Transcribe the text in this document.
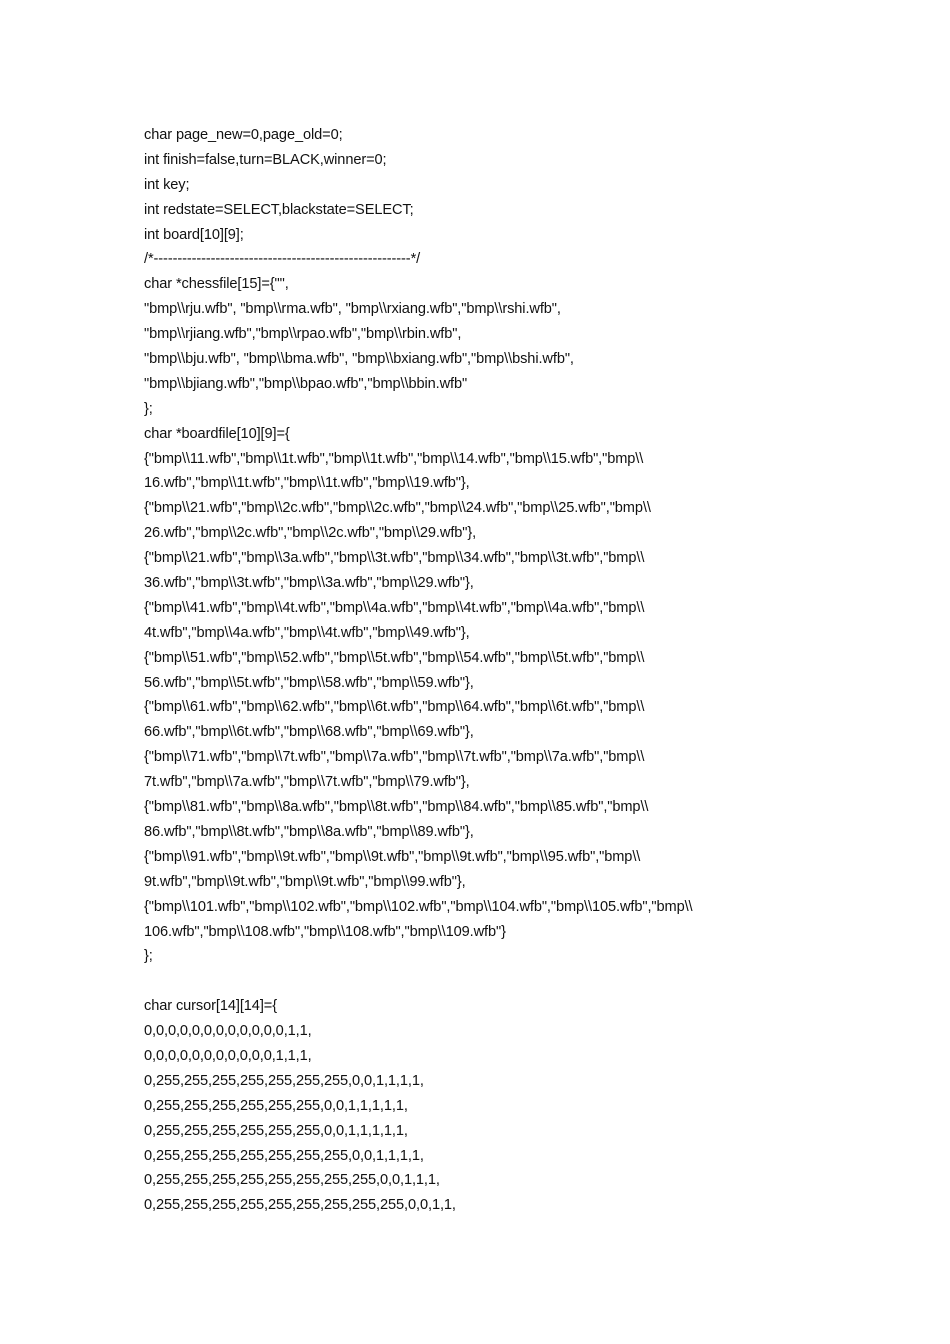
char page_new=0,page_old=0;
int finish=false,turn=BLACK,winner=0;
int key;
int redstate=SELECT,blackstate=SELECT;
int board[10][9];
/*------------------------------------------------------*/
char *chessfile[15]={"",
"bmp\\rju.wfb", "bmp\\rma.wfb", "bmp\\rxiang.wfb","bmp\\rshi.wfb",
"bmp\\rjiang.wfb","bmp\\rpao.wfb","bmp\\rbin.wfb",
"bmp\\bju.wfb", "bmp\\bma.wfb", "bmp\\bxiang.wfb","bmp\\bshi.wfb",
"bmp\\bjiang.wfb","bmp\\bpao.wfb","bmp\\bbin.wfb"
};
char *boardfile[10][9]={
{"bmp\\11.wfb","bmp\\1t.wfb","bmp\\1t.wfb","bmp\\14.wfb","bmp\\15.wfb","bmp\\
16.wfb","bmp\\1t.wfb","bmp\\1t.wfb","bmp\\19.wfb"},
{"bmp\\21.wfb","bmp\\2c.wfb","bmp\\2c.wfb","bmp\\24.wfb","bmp\\25.wfb","bmp\\
26.wfb","bmp\\2c.wfb","bmp\\2c.wfb","bmp\\29.wfb"},
{"bmp\\21.wfb","bmp\\3a.wfb","bmp\\3t.wfb","bmp\\34.wfb","bmp\\3t.wfb","bmp\\
36.wfb","bmp\\3t.wfb","bmp\\3a.wfb","bmp\\29.wfb"},
{"bmp\\41.wfb","bmp\\4t.wfb","bmp\\4a.wfb","bmp\\4t.wfb","bmp\\4a.wfb","bmp\\
4t.wfb","bmp\\4a.wfb","bmp\\4t.wfb","bmp\\49.wfb"},
{"bmp\\51.wfb","bmp\\52.wfb","bmp\\5t.wfb","bmp\\54.wfb","bmp\\5t.wfb","bmp\\
56.wfb","bmp\\5t.wfb","bmp\\58.wfb","bmp\\59.wfb"},
{"bmp\\61.wfb","bmp\\62.wfb","bmp\\6t.wfb","bmp\\64.wfb","bmp\\6t.wfb","bmp\\
66.wfb","bmp\\6t.wfb","bmp\\68.wfb","bmp\\69.wfb"},
{"bmp\\71.wfb","bmp\\7t.wfb","bmp\\7a.wfb","bmp\\7t.wfb","bmp\\7a.wfb","bmp\\
7t.wfb","bmp\\7a.wfb","bmp\\7t.wfb","bmp\\79.wfb"},
{"bmp\\81.wfb","bmp\\8a.wfb","bmp\\8t.wfb","bmp\\84.wfb","bmp\\85.wfb","bmp\\
86.wfb","bmp\\8t.wfb","bmp\\8a.wfb","bmp\\89.wfb"},
{"bmp\\91.wfb","bmp\\9t.wfb","bmp\\9t.wfb","bmp\\9t.wfb","bmp\\95.wfb","bmp\\
9t.wfb","bmp\\9t.wfb","bmp\\9t.wfb","bmp\\99.wfb"},
{"bmp\\101.wfb","bmp\\102.wfb","bmp\\102.wfb","bmp\\104.wfb","bmp\\105.wfb","bmp\\
106.wfb","bmp\\108.wfb","bmp\\108.wfb","bmp\\109.wfb"}
};
char cursor[14][14]={
0,0,0,0,0,0,0,0,0,0,0,0,1,1,
0,0,0,0,0,0,0,0,0,0,0,1,1,1,
0,255,255,255,255,255,255,255,0,0,1,1,1,1,
0,255,255,255,255,255,255,0,0,1,1,1,1,1,
0,255,255,255,255,255,255,0,0,1,1,1,1,1,
0,255,255,255,255,255,255,255,0,0,1,1,1,1,
0,255,255,255,255,255,255,255,255,0,0,1,1,1,
0,255,255,255,255,255,255,255,255,255,0,0,1,1,
